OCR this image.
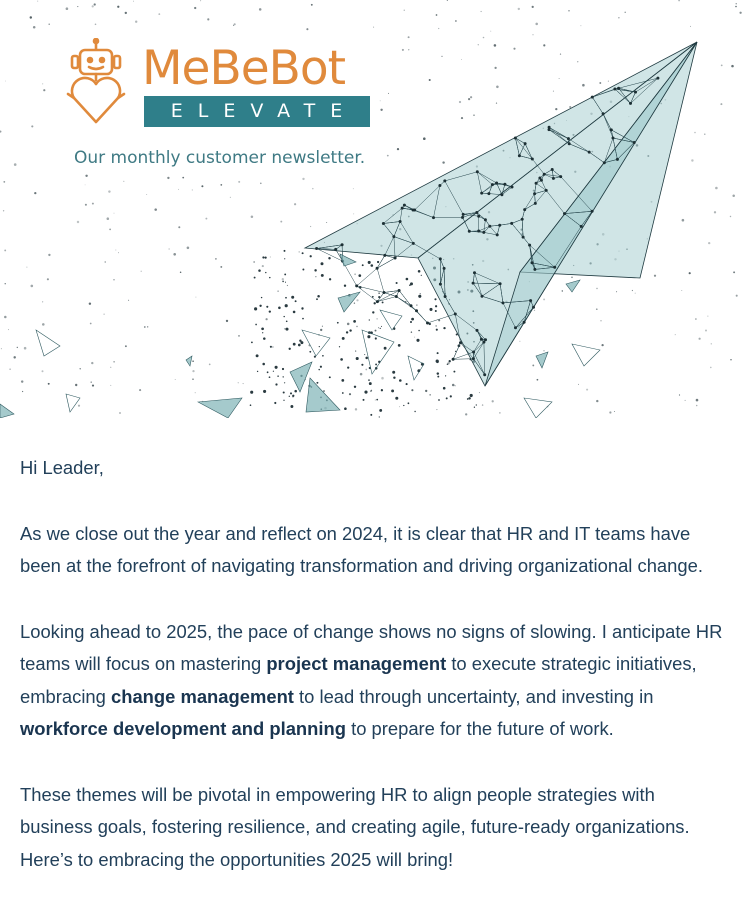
MeBeBot
ELEVATE
Our monthly customer newsletter.

Hi Leader,

As we close out the year and reflect on 2024, it is clear that HR and IT teams have been at the forefront of navigating transformation and driving organizational change.

Looking ahead to 2025, the pace of change shows no signs of slowing. I anticipate HR teams will focus on mastering project management to execute strategic initiatives, embracing change management to lead through uncertainty, and investing in workforce development and planning to prepare for the future of work.

These themes will be pivotal in empowering HR to align people strategies with business goals, fostering resilience, and creating agile, future-ready organizations. Here’s to embracing the opportunities 2025 will bring!
